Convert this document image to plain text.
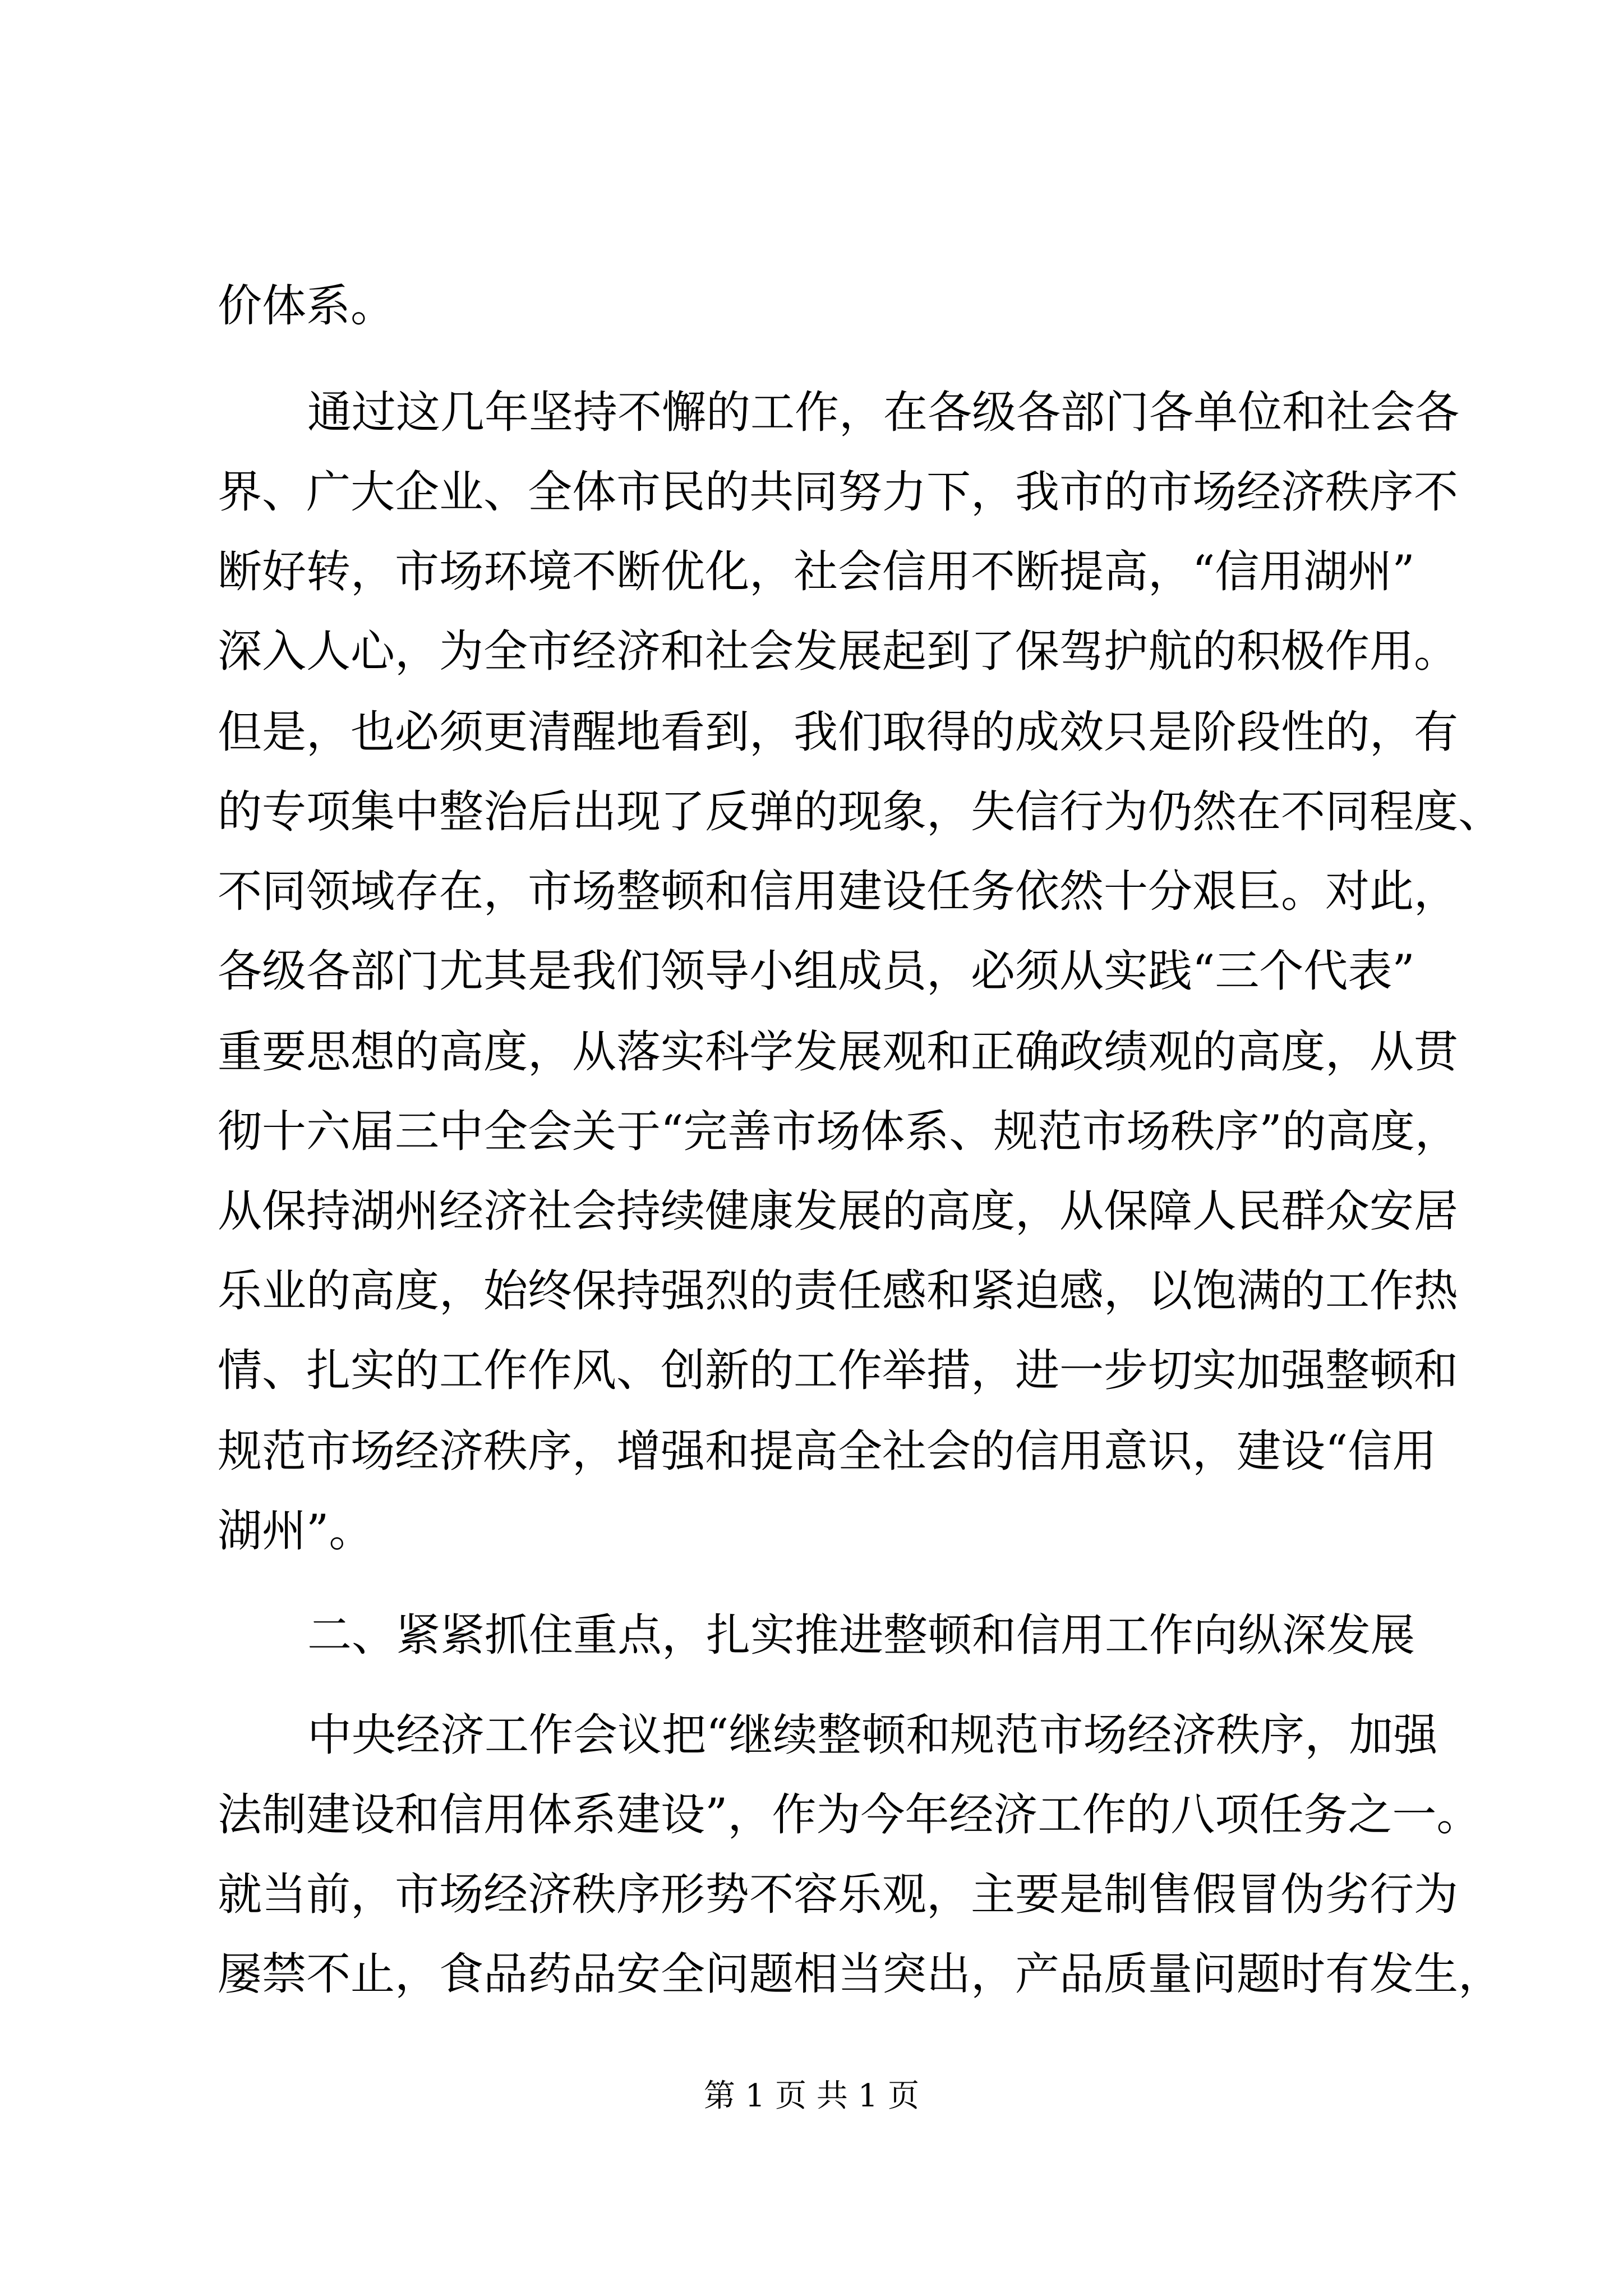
价体系。
通过这几年坚持不懈的工作，在各级各部门各单位和社会各
界、广大企业、全体市民的共同努力下，我市的市场经济秩序不
断好转，市场环境不断优化，社会信用不断提高，“信用湖州”
深入人心，为全市经济和社会发展起到了保驾护航的积极作用。
但是，也必须更清醒地看到，我们取得的成效只是阶段性的，有
的专项集中整治后出现了反弹的现象，失信行为仍然在不同程度、
不同领域存在，市场整顿和信用建设任务依然十分艰巨。对此，
各级各部门尤其是我们领导小组成员，必须从实践“三个代表”
重要思想的高度，从落实科学发展观和正确政绩观的高度，从贯
彻十六届三中全会关于“完善市场体系、规范市场秩序”的高度，
从保持湖州经济社会持续健康发展的高度，从保障人民群众安居
乐业的高度，始终保持强烈的责任感和紧迫感，以饱满的工作热
情、扎实的工作作风、创新的工作举措，进一步切实加强整顿和
规范市场经济秩序，增强和提高全社会的信用意识，建设“信用
湖州”。
二、紧紧抓住重点，扎实推进整顿和信用工作向纵深发展
中央经济工作会议把“继续整顿和规范市场经济秩序，加强
法制建设和信用体系建设”，作为今年经济工作的八项任务之一。
就当前，市场经济秩序形势不容乐观，主要是制售假冒伪劣行为
屡禁不止，食品药品安全问题相当突出，产品质量问题时有发生，
第 1 页 共 1 页
